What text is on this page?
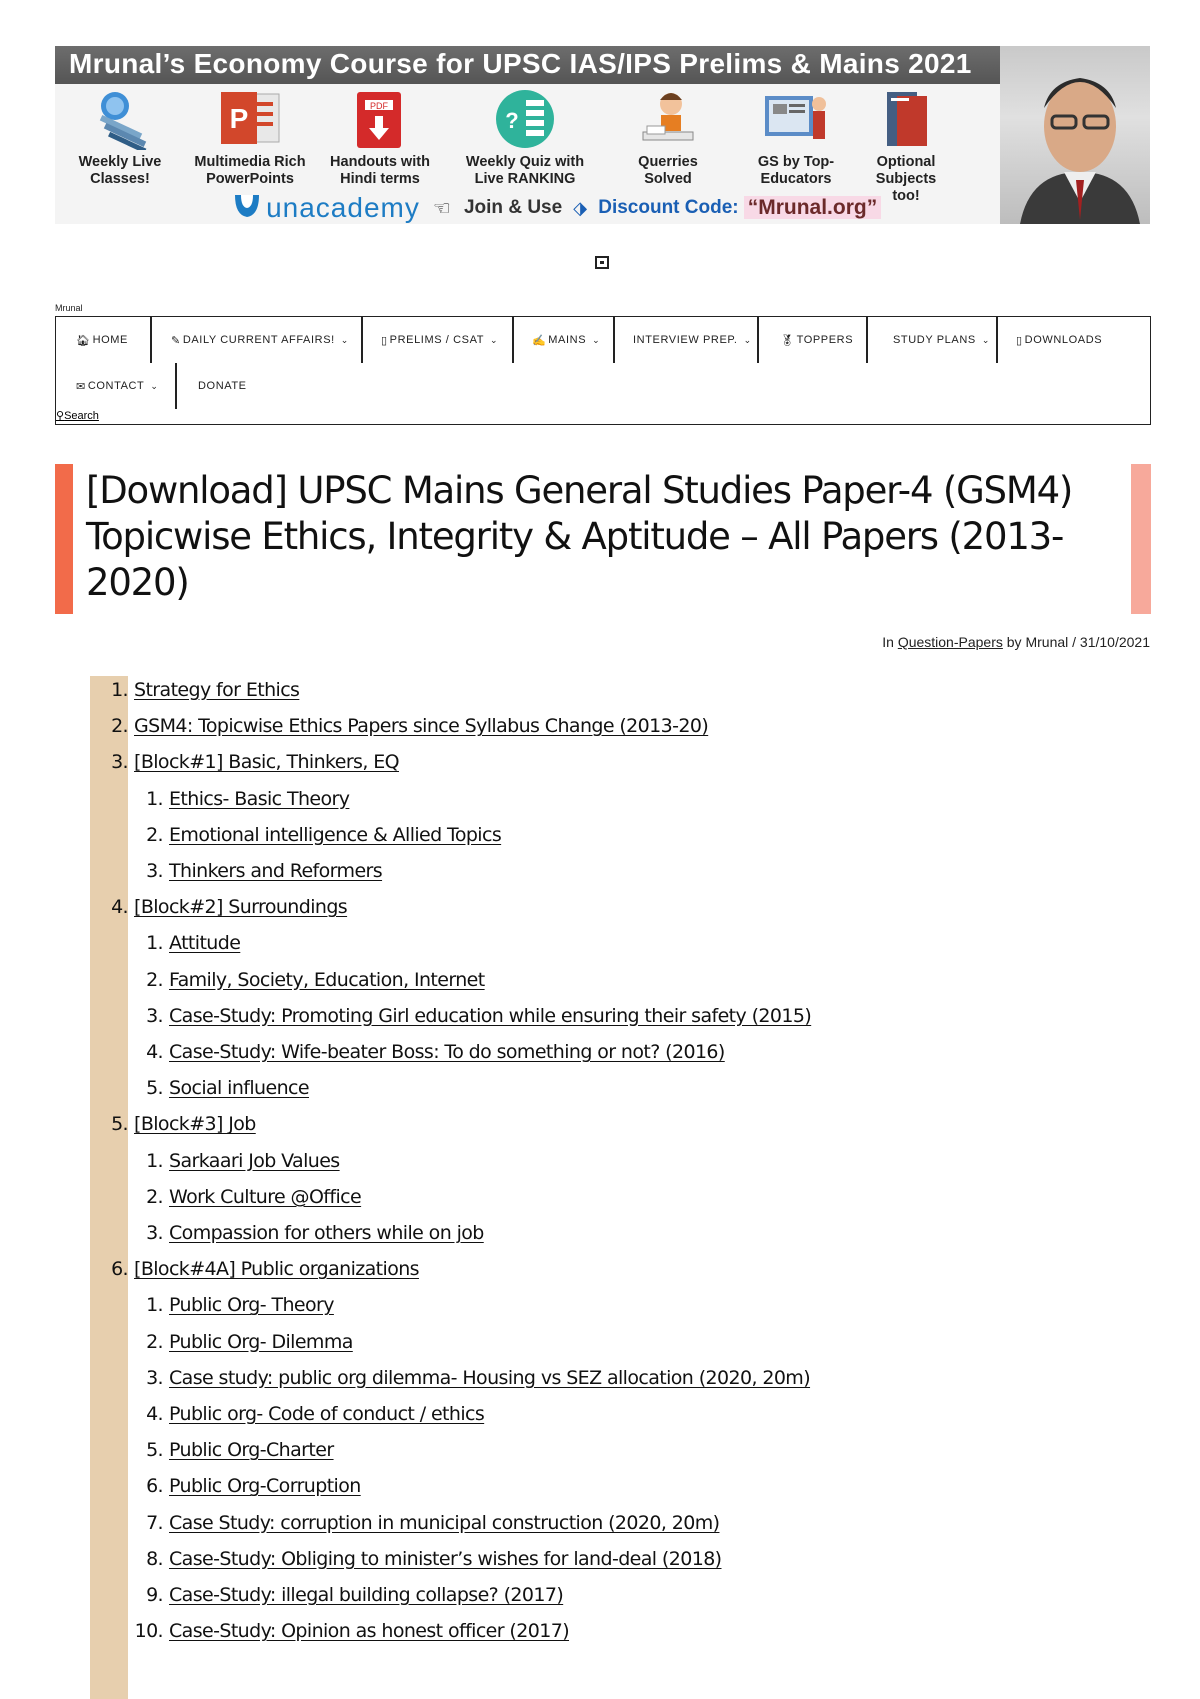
Mrunal’s Economy Course for UPSC IAS/IPS Prelims & Mains 2021
Weekly Live
Classes!
P
Multimedia Rich
PowerPoints
PDF
Handouts with
Hindi terms
?
Weekly Quiz with
Live RANKING
Querries
Solved
GS by Top-
Educators
Optional
Subjects
too!
unacademy ☜ Join & Use ⬗ Discount Code: “Mrunal.org”
Mrunal
🏠︎ HOME	✎ DAILY CURRENT AFFAIRS! ⌄	▯ PRELIMS / CSAT ⌄	✍ MAINS ⌄	INTERVIEW PREP. ⌄	🏅︎ TOPPERS	STUDY PLANS ⌄ ▯ DOWNLOADS
✉ CONTACT ⌄	DONATE
⚲Search
[Download] UPSC Mains General Studies Paper-4 (GSM4) Topicwise Ethics, Integrity & Aptitude – All Papers (2013-2020)
In Question-Papers by Mrunal / 31/10/2021
1. Strategy for Ethics
2. GSM4: Topicwise Ethics Papers since Syllabus Change (2013-20)
3. [Block#1] Basic, Thinkers, EQ
1. Ethics- Basic Theory
2. Emotional intelligence & Allied Topics
3. Thinkers and Reformers
4. [Block#2] Surroundings
1. Attitude
2. Family, Society, Education, Internet
3. Case-Study: Promoting Girl education while ensuring their safety (2015)
4. Case-Study: Wife-beater Boss: To do something or not? (2016)
5. Social influence
5. [Block#3] Job
1. Sarkaari Job Values
2. Work Culture @Office
3. Compassion for others while on job
6. [Block#4A] Public organizations
1. Public Org- Theory
2. Public Org- Dilemma
3. Case study: public org dilemma- Housing vs SEZ allocation (2020, 20m)
4. Public org- Code of conduct / ethics
5. Public Org-Charter
6. Public Org-Corruption
7. Case Study: corruption in municipal construction (2020, 20m)
8. Case-Study: Obliging to minister’s wishes for land-deal (2018)
9. Case-Study: illegal building collapse? (2017)
10. Case-Study: Opinion as honest officer (2017)
